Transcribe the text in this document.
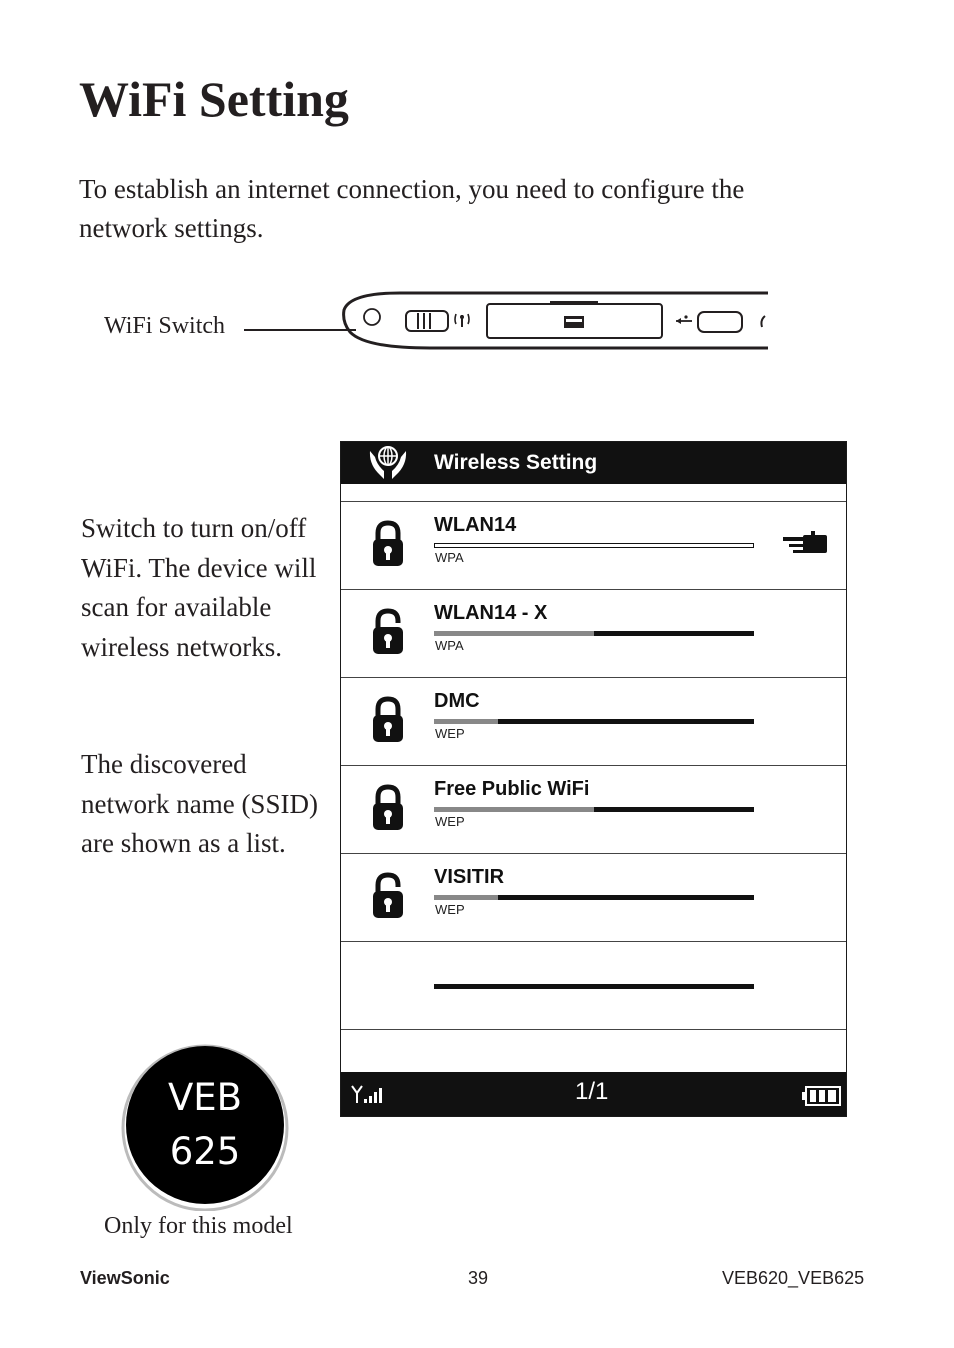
WiFi Setting

To establish an internet connection, you need to configure the network settings.

WiFi Switch

Switch to turn on/off WiFi. The device will scan for available wireless networks.

The discovered network name (SSID) are shown as a list.

Wireless Setting
WLAN14
WPA
WLAN14 - X
WPA
DMC
WEP
Free Public WiFi
WEP
VISITIR
WEP
1/1
VEB
625
Only for this model
ViewSonic	39	VEB620_VEB625
